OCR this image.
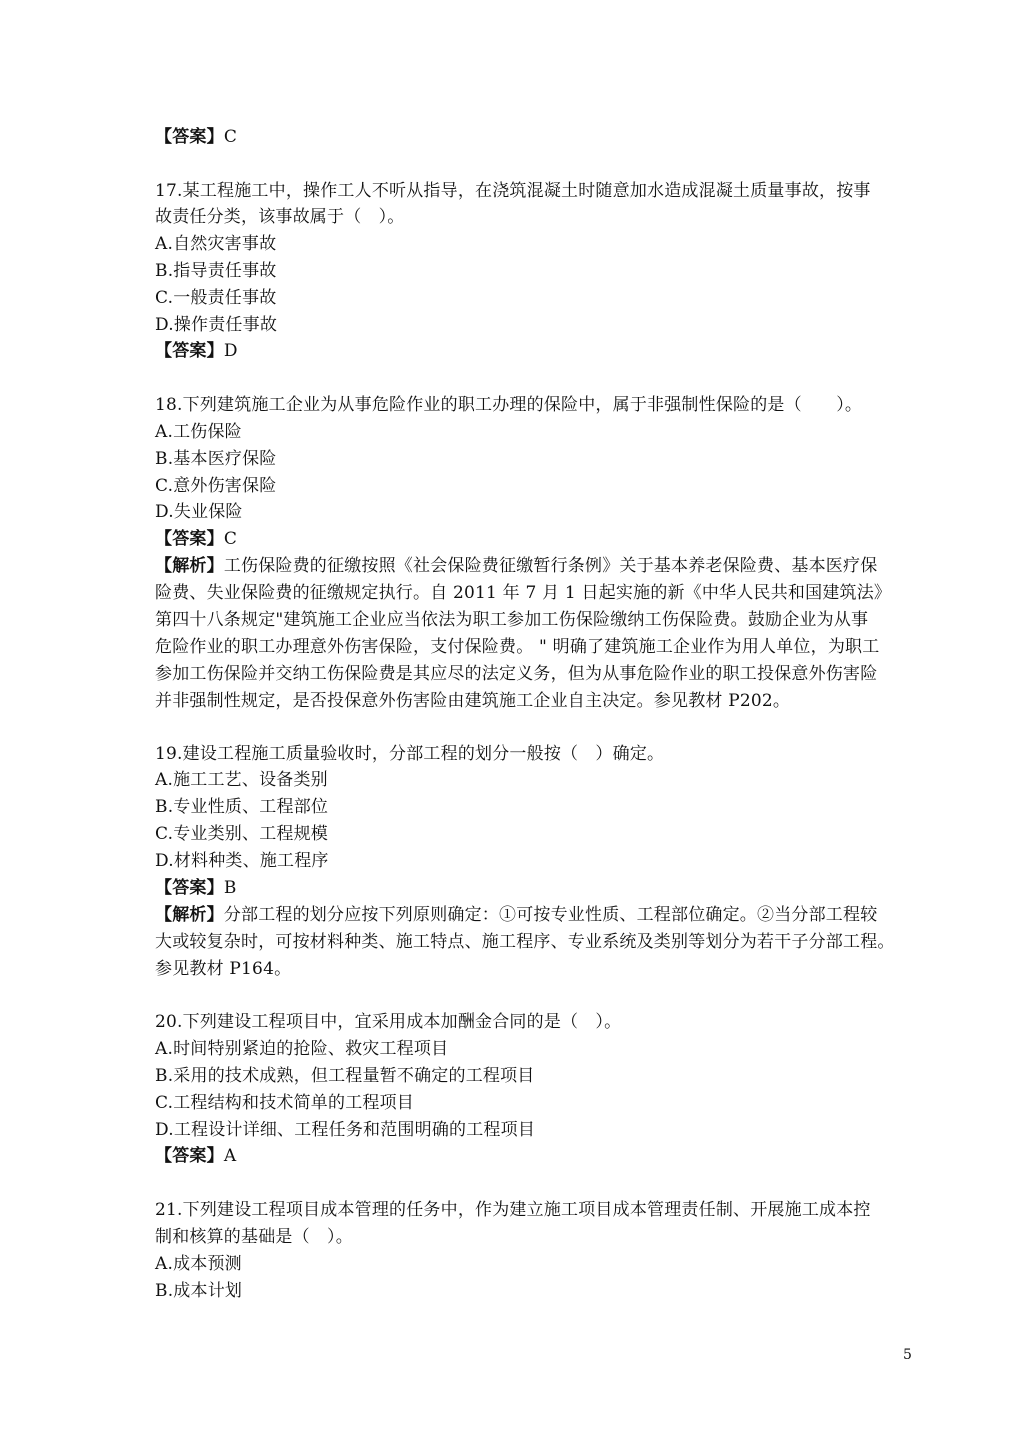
【答案】C
17.某工程施工中，操作工人不听从指导，在浇筑混凝土时随意加水造成混凝土质量事故，按事
故责任分类，该事故属于（　）。
A.自然灾害事故
B.指导责任事故
C.一般责任事故
D.操作责任事故
【答案】D
18.下列建筑施工企业为从事危险作业的职工办理的保险中，属于非强制性保险的是（　　）。
A.工伤保险
B.基本医疗保险
C.意外伤害保险
D.失业保险
【答案】C
【解析】工伤保险费的征缴按照《社会保险费征缴暂行条例》关于基本养老保险费、基本医疗保
险费、失业保险费的征缴规定执行。自 2011 年 7 月 1 日起实施的新《中华人民共和国建筑法》
第四十八条规定"建筑施工企业应当依法为职工参加工伤保险缴纳工伤保险费。鼓励企业为从事
危险作业的职工办理意外伤害保险，支付保险费。 " 明确了建筑施工企业作为用人单位，为职工
参加工伤保险并交纳工伤保险费是其应尽的法定义务，但为从事危险作业的职工投保意外伤害险
并非强制性规定，是否投保意外伤害险由建筑施工企业自主决定。参见教材 P202。
19.建设工程施工质量验收时，分部工程的划分一般按（　）确定。
A.施工工艺、设备类别
B.专业性质、工程部位
C.专业类别、工程规模
D.材料种类、施工程序
【答案】B
【解析】分部工程的划分应按下列原则确定：①可按专业性质、工程部位确定。②当分部工程较
大或较复杂时，可按材料种类、施工特点、施工程序、专业系统及类别等划分为若干子分部工程。
参见教材 P164。
20.下列建设工程项目中，宜采用成本加酬金合同的是（　）。
A.时间特别紧迫的抢险、救灾工程项目
B.采用的技术成熟，但工程量暂不确定的工程项目
C.工程结构和技术简单的工程项目
D.工程设计详细、工程任务和范围明确的工程项目
【答案】A
21.下列建设工程项目成本管理的任务中，作为建立施工项目成本管理责任制、开展施工成本控
制和核算的基础是（　）。
A.成本预测
B.成本计划
5
